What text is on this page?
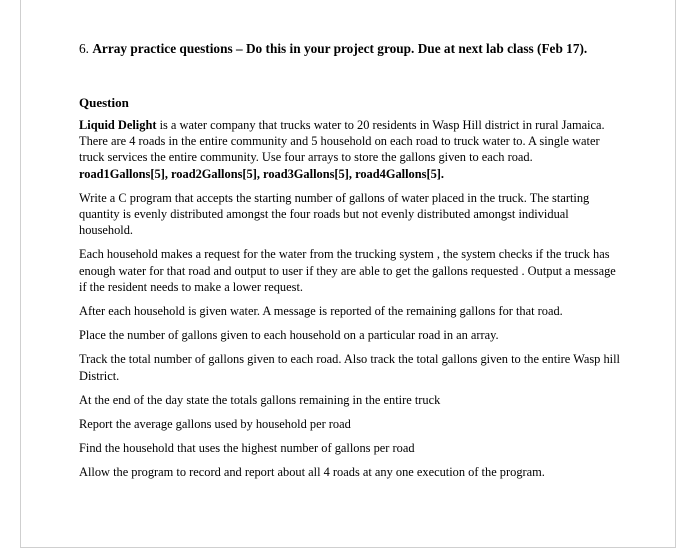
6. Array practice questions – Do this in your project group. Due at next lab class (Feb 17).
Question

Liquid Delight is a water company that trucks water to 20 residents in Wasp Hill district in rural Jamaica. There are 4 roads in the entire community and 5 household on each road to truck water to. A single water truck services the entire community. Use four arrays to store the gallons given to each road. road1Gallons[5], road2Gallons[5], road3Gallons[5], road4Gallons[5].

Write a C program that accepts the starting number of gallons of water placed in the truck. The starting quantity is evenly distributed amongst the four roads but not evenly distributed amongst individual household.

Each household makes a request for the water from the trucking system , the system checks if the truck has enough water for that road and output to user if they are able to get the gallons requested . Output a message if the resident needs to make a lower request.

After each household is given water. A message is reported of the remaining gallons for that road.

Place the number of gallons given to each household on a particular road in an array.

Track the total number of gallons given to each road. Also track the total gallons given to the entire Wasp hill District.

At the end of the day state the totals gallons remaining in the entire truck

Report the average gallons used by household per road

Find the household that uses the highest number of gallons per road

Allow the program to record and report about all 4 roads at any one execution of the program.
